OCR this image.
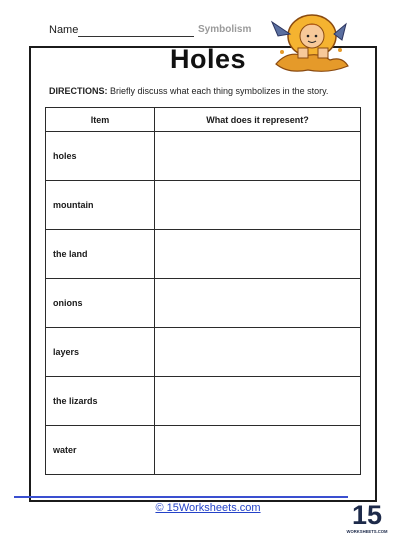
Name	Symbolism
Holes
DIRECTIONS: Briefly discuss what each thing symbolizes in the story.
Item	What does it represent?
holes	
mountain	
the land	
onions	
layers	
the lizards	
water	
© 15Worksheets.com	15
WORKSHEETS.COM
